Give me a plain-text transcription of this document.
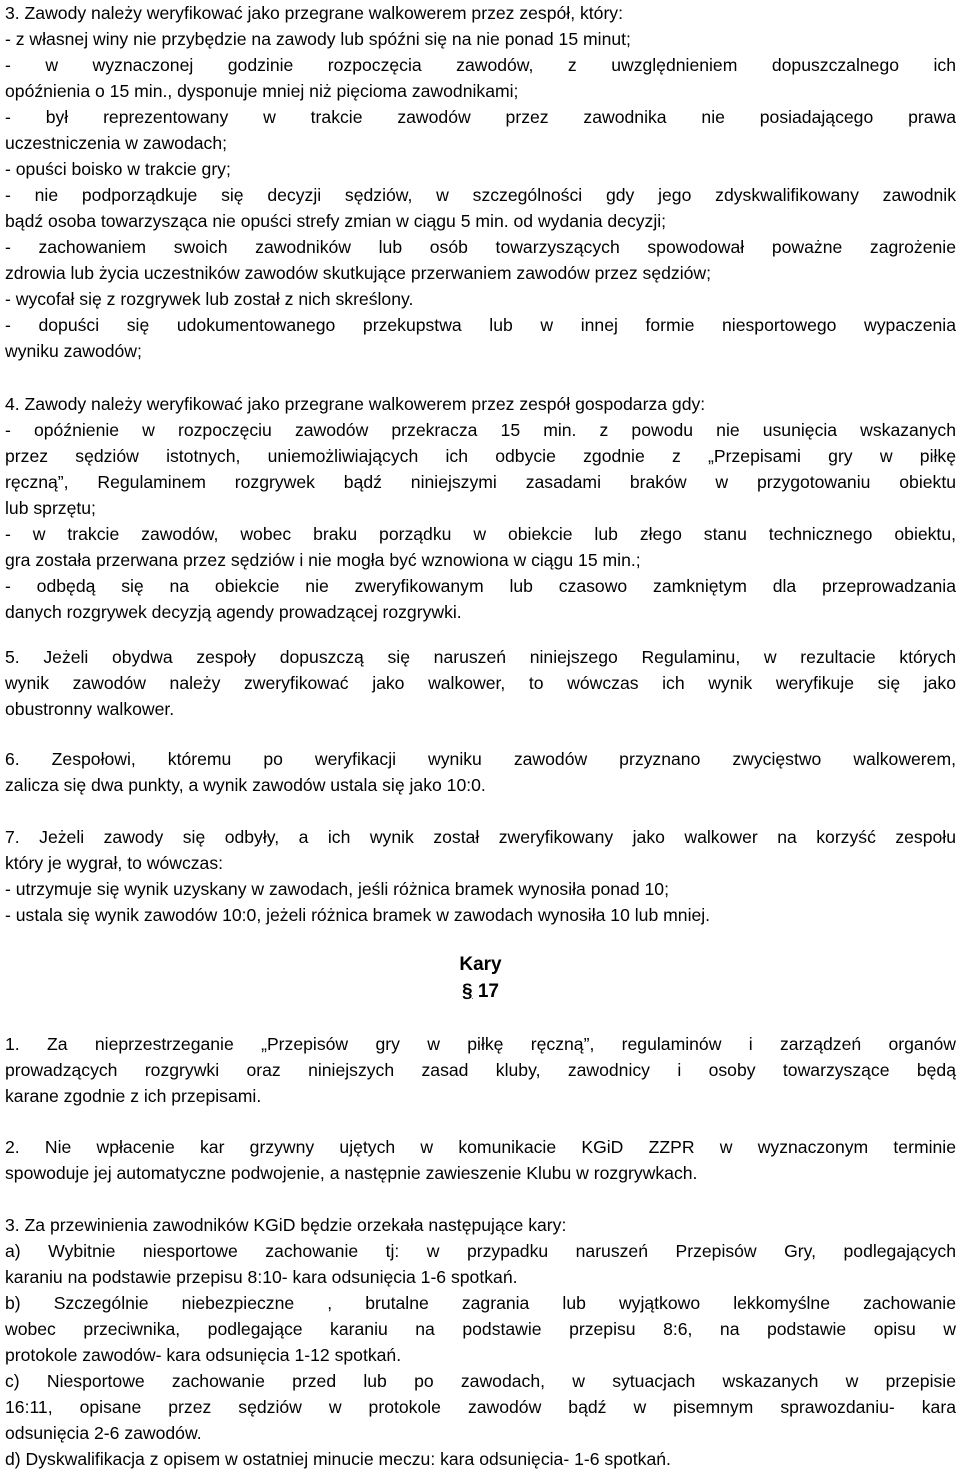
3. Zawody należy weryfikować jako przegrane walkowerem przez zespół, który:

- z własnej winy nie przybędzie na zawody lub spóźni się na nie ponad 15 minut;

- w wyznaczonej godzinie rozpoczęcia zawodów, z uwzględnieniem dopuszczalnego ich

opóźnienia o 15 min., dysponuje mniej niż pięcioma zawodnikami;

- był reprezentowany w trakcie zawodów przez zawodnika nie posiadającego prawa

uczestniczenia w zawodach;

- opuści boisko w trakcie gry;

- nie podporządkuje się decyzji sędziów, w szczególności gdy jego zdyskwalifikowany zawodnik

bądź osoba towarzysząca nie opuści strefy zmian w ciągu 5 min. od wydania decyzji;

- zachowaniem swoich zawodników lub osób towarzyszących spowodował poważne zagrożenie

zdrowia lub życia uczestników zawodów skutkujące przerwaniem zawodów przez sędziów;

- wycofał się z rozgrywek lub został z nich skreślony.

- dopuści się udokumentowanego przekupstwa lub w innej formie niesportowego wypaczenia

wyniku zawodów;

4. Zawody należy weryfikować jako przegrane walkowerem przez zespół gospodarza gdy:

- opóźnienie w rozpoczęciu zawodów przekracza 15 min. z powodu nie usunięcia wskazanych

przez sędziów istotnych, uniemożliwiających ich odbycie zgodnie z „Przepisami gry w piłkę

ręczną”, Regulaminem rozgrywek bądź niniejszymi zasadami braków w przygotowaniu obiektu

lub sprzętu;

- w trakcie zawodów, wobec braku porządku w obiekcie lub złego stanu technicznego obiektu,

gra została przerwana przez sędziów i nie mogła być wznowiona w ciągu 15 min.;

- odbędą się na obiekcie nie zweryfikowanym lub czasowo zamkniętym dla przeprowadzania

danych rozgrywek decyzją agendy prowadzącej rozgrywki.

5. Jeżeli obydwa zespoły dopuszczą się naruszeń niniejszego Regulaminu, w rezultacie których

wynik zawodów należy zweryfikować jako walkower, to wówczas ich wynik weryfikuje się jako

obustronny walkower.

6. Zespołowi, któremu po weryfikacji wyniku zawodów przyznano zwycięstwo walkowerem,

zalicza się dwa punkty, a wynik zawodów ustala się jako 10:0.

7. Jeżeli zawody się odbyły, a ich wynik został zweryfikowany jako walkower na korzyść zespołu

który je wygrał, to wówczas:

- utrzymuje się wynik uzyskany w zawodach, jeśli różnica bramek wynosiła ponad 10;

- ustala się wynik zawodów 10:0, jeżeli różnica bramek w zawodach wynosiła 10 lub mniej.

Kary

§ 17

1. Za nieprzestrzeganie „Przepisów gry w piłkę ręczną”, regulaminów i zarządzeń organów

prowadzących rozgrywki oraz niniejszych zasad kluby, zawodnicy i osoby towarzyszące będą

karane zgodnie z ich przepisami.

2. Nie wpłacenie kar grzywny ujętych w komunikacie KGiD ZZPR w wyznaczonym terminie

spowoduje jej automatyczne podwojenie, a następnie zawieszenie Klubu w rozgrywkach.

3. Za przewinienia zawodników KGiD będzie orzekała następujące kary:

a) Wybitnie niesportowe zachowanie tj: w przypadku naruszeń Przepisów Gry, podlegających

karaniu na podstawie przepisu 8:10- kara odsunięcia 1-6 spotkań.

b) Szczególnie niebezpieczne , brutalne zagrania lub wyjątkowo lekkomyślne zachowanie

wobec przeciwnika, podlegające karaniu na podstawie przepisu 8:6, na podstawie opisu w

protokole zawodów- kara odsunięcia 1-12 spotkań.

c) Niesportowe zachowanie przed lub po zawodach, w sytuacjach wskazanych w przepisie

16:11, opisane przez sędziów w protokole zawodów bądź w pisemnym sprawozdaniu- kara

odsunięcia 2-6 zawodów.

d) Dyskwalifikacja z opisem w ostatniej minucie meczu: kara odsunięcia- 1-6 spotkań.
